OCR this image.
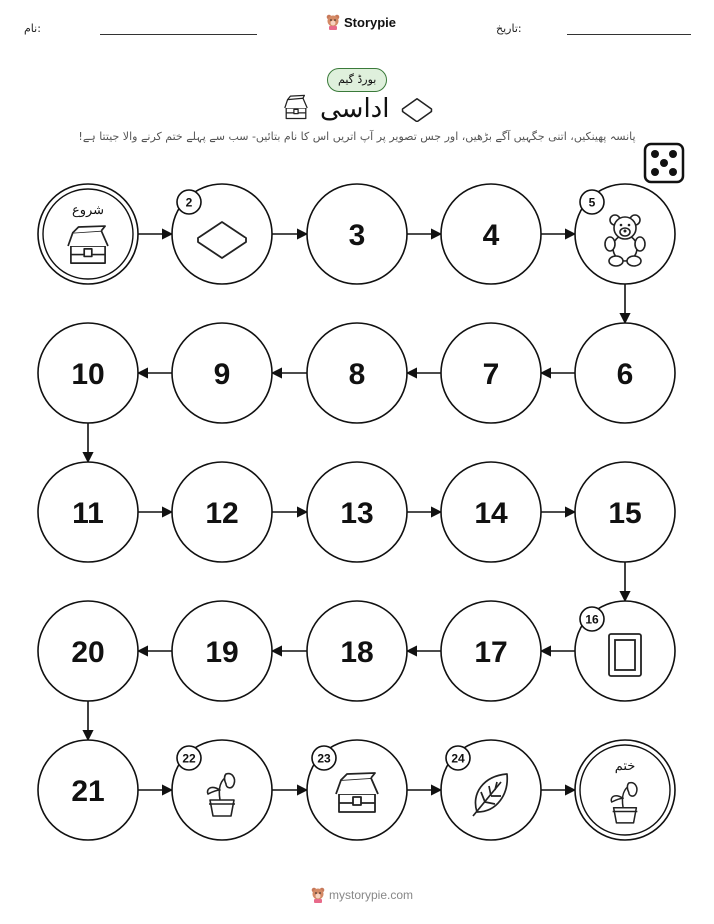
نام:	Storypie	تاریخ:
بورڈ گیم
اداسی
پانسہ پھینکیں، اتنی جگہیں آگے بڑھیں، اور جس تصویر پر آپ اتریں اس کا نام بتائیں- سب سے پہلے ختم کرنے والا جیتتا ہے!
شروع	2
3	4
5
6
7
8
9
10
11	12	13	14	15
16
17
18
19
20
21
22	23	24	ختم
mystorypie.com
